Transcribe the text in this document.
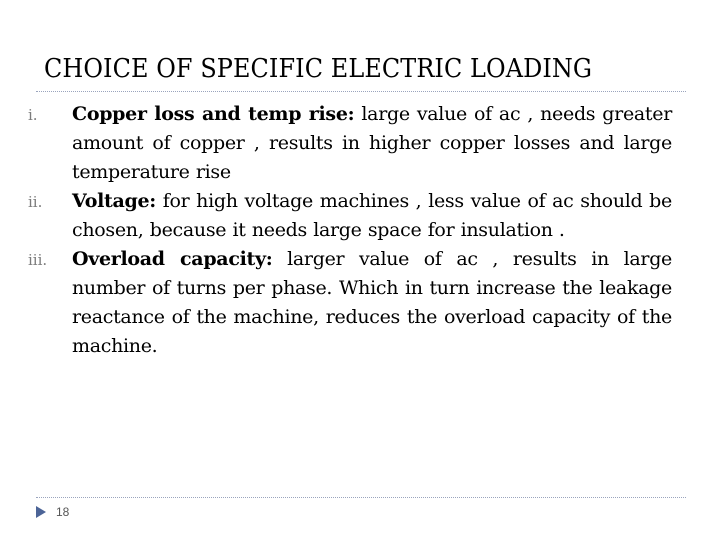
CHOICE OF SPECIFIC ELECTRIC LOADING
i.	Copper loss and temp rise: large value of ac , needs greater amount of copper , results in higher copper losses and large temperature rise
ii.	Voltage: for high voltage machines , less value of ac should be chosen, because it needs large space for insulation .
iii.	Overload capacity: larger value of ac , results in large number of turns per phase. Which in turn increase the leakage reactance of the machine, reduces the overload capacity of the machine.
18
